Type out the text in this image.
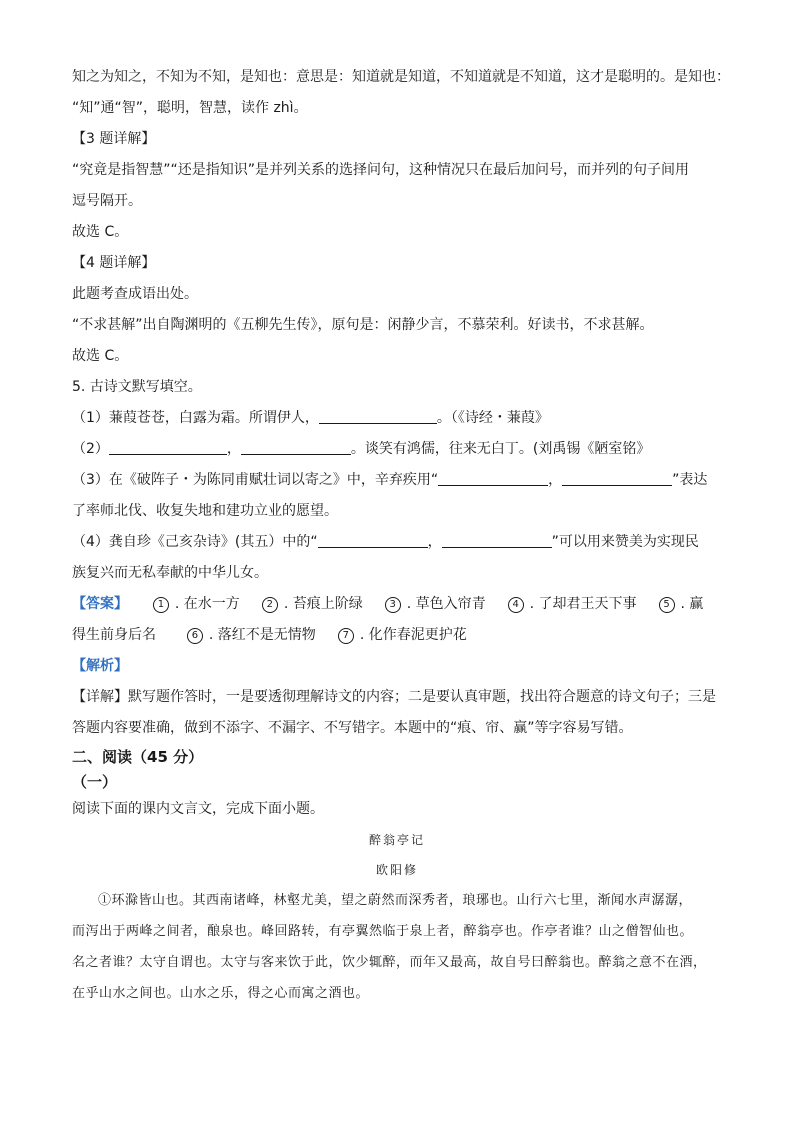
知之为知之，不知为不知，是知也：意思是：知道就是知道，不知道就是不知道，这才是聪明的。是知也：
“知”通“智”，聪明，智慧，读作 zhì。
【3 题详解】
“究竟是指智慧”“还是指知识”是并列关系的选择问句，这种情况只在最后加问号，而并列的句子间用
逗号隔开。
故选 C。
【4 题详解】
此题考查成语出处。
“不求甚解”出自陶渊明的《五柳先生传》，原句是：闲静少言，不慕荣利。好读书，不求甚解。
故选 C。
5. 古诗文默写填空。
（1）蒹葭苍苍，白露为霜。所谓伊人，	。（《诗经・蒹葭》
（2）	，	。谈笑有鸿儒，往来无白丁。(刘禹锡《陋室铭》
（3）在《破阵子・为陈同甫赋壮词以寄之》中，辛弃疾用“	，	”表达
了率师北伐、收复失地和建功立业的愿望。
（4）龚自珍《己亥杂诗》(其五）中的“	，	”可以用来赞美为实现民
族复兴而无私奉献的中华儿女。
【答案】	1 . 在水一方	2 . 苔痕上阶绿	3 . 草色入帘青	4 . 了却君王天下事	5 . 赢
得生前身后名	6 . 落红不是无情物	7 . 化作春泥更护花
【解析】
【详解】默写题作答时，一是要透彻理解诗文的内容；二是要认真审题，找出符合题意的诗文句子；三是
答题内容要准确，做到不添字、不漏字、不写错字。本题中的“痕、帘、赢”等字容易写错。
二、阅读（45 分）
（一）
阅读下面的课内文言文，完成下面小题。
醉翁亭记
欧阳修
①环滁皆山也。其西南诸峰，林壑尤美，望之蔚然而深秀者，琅琊也。山行六七里，渐闻水声潺潺，
而泻出于两峰之间者，酿泉也。峰回路转，有亭翼然临于泉上者，醉翁亭也。作亭者谁？山之僧智仙也。
名之者谁？太守自谓也。太守与客来饮于此，饮少辄醉，而年又最高，故自号曰醉翁也。醉翁之意不在酒，
在乎山水之间也。山水之乐，得之心而寓之酒也。
